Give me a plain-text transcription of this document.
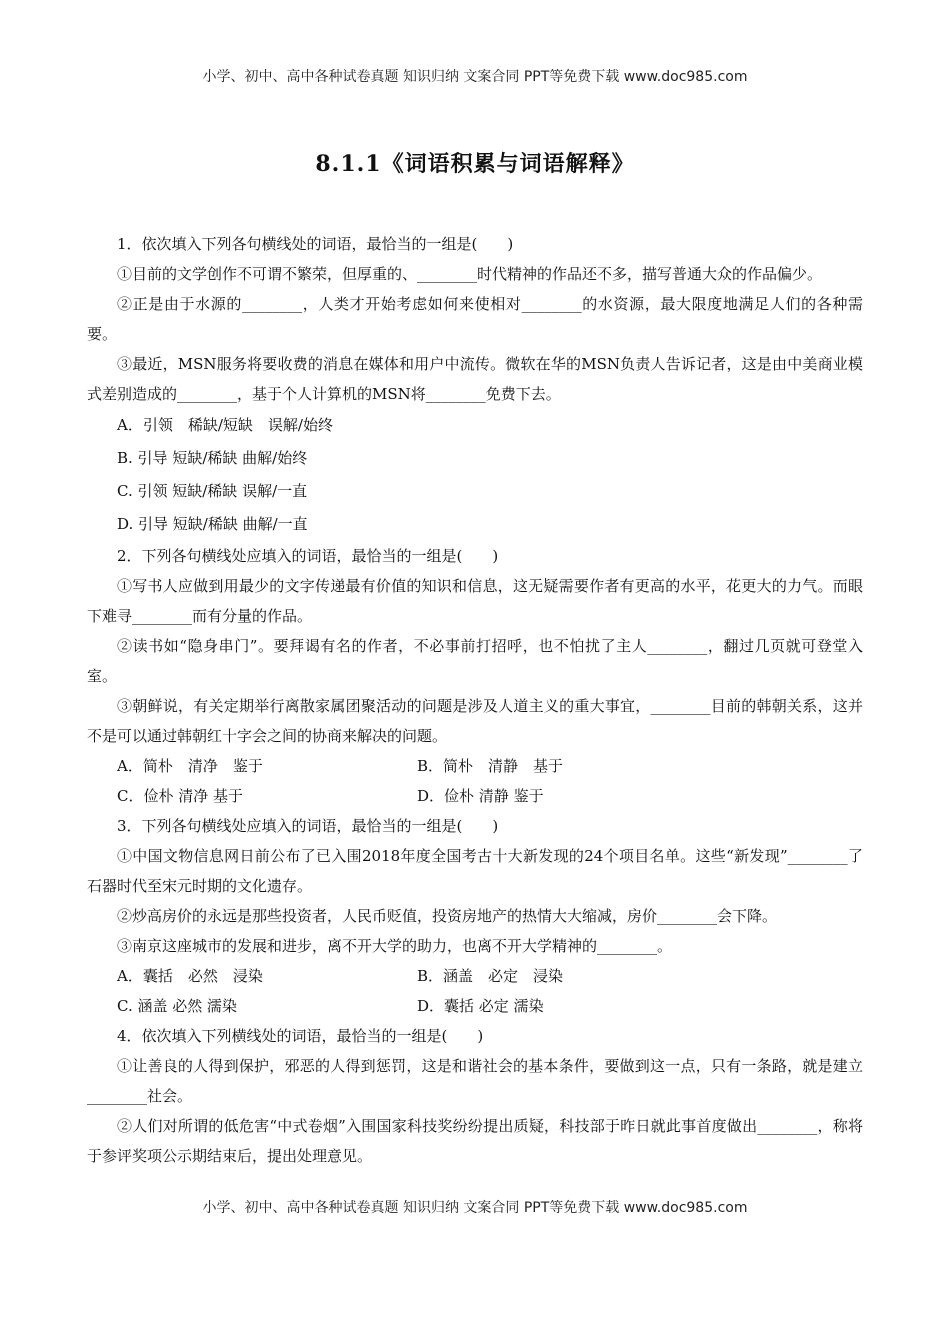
小学、初中、高中各种试卷真题 知识归纳 文案合同 PPT等免费下载 www.doc985.com
8.1.1《词语积累与词语解释》

1．依次填入下列各句横线处的词语，最恰当的一组是(　　)

①目前的文学创作不可谓不繁荣，但厚重的、________时代精神的作品还不多，描写普通大众的作品偏少。

②正是由于水源的________，人类才开始考虑如何来使相对________的水资源，最大限度地满足人们的各种需要。

③最近，MSN服务将要收费的消息在媒体和用户中流传。微软在华的MSN负责人告诉记者，这是由中美商业模式差别造成的________，基于个人计算机的MSN将________免费下去。

A．引领　稀缺/短缺　误解/始终

B. 引导 短缺/稀缺 曲解/始终

C. 引领 短缺/稀缺 误解/一直

D. 引导 短缺/稀缺 曲解/一直

2．下列各句横线处应填入的词语，最恰当的一组是(　　)

①写书人应做到用最少的文字传递最有价值的知识和信息，这无疑需要作者有更高的水平，花更大的力气。而眼下难寻________而有分量的作品。

②读书如“隐身串门”。要拜谒有名的作者，不必事前打招呼，也不怕扰了主人________，翻过几页就可登堂入室。

③朝鲜说，有关定期举行离散家属团聚活动的问题是涉及人道主义的重大事宜，________目前的韩朝关系，这并不是可以通过韩朝红十字会之间的协商来解决的问题。

A．简朴　清净　鉴于	B．简朴　清静　基于
C．俭朴 清净 基于	D．俭朴 清静 鉴于

3．下列各句横线处应填入的词语，最恰当的一组是(　　)

①中国文物信息网日前公布了已入围2018年度全国考古十大新发现的24个项目名单。这些“新发现”________了石器时代至宋元时期的文化遗存。

②炒高房价的永远是那些投资者，人民币贬值，投资房地产的热情大大缩减，房价________会下降。

③南京这座城市的发展和进步，离不开大学的助力，也离不开大学精神的________。

A．囊括　必然　浸染	B．涵盖　必定　浸染
C. 涵盖 必然 濡染	D．囊括 必定 濡染

4．依次填入下列横线处的词语，最恰当的一组是(　　)

①让善良的人得到保护，邪恶的人得到惩罚，这是和谐社会的基本条件，要做到这一点，只有一条路，就是建立________社会。

②人们对所谓的低危害“中式卷烟”入围国家科技奖纷纷提出质疑，科技部于昨日就此事首度做出________，称将于参评奖项公示期结束后，提出处理意见。

小学、初中、高中各种试卷真题 知识归纳 文案合同 PPT等免费下载 www.doc985.com
